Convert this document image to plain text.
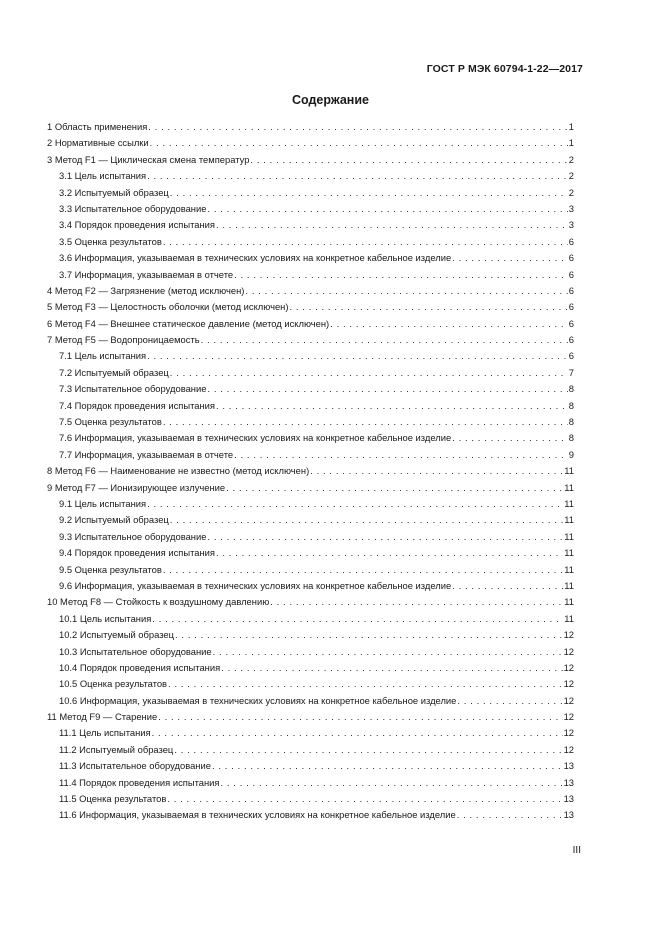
ГОСТ Р МЭК 60794-1-22—2017
Содержание
1 Область применения . . .	1
2 Нормативные ссылки . . .	1
3 Метод F1 — Циклическая смена температур . . .	2
3.1 Цель испытания . . .	2
3.2 Испытуемый образец . . .	2
3.3 Испытательное оборудование . . .	3
3.4 Порядок проведения испытания . . .	3
3.5 Оценка результатов . . .	6
3.6 Информация, указываемая в технических условиях на конкретное кабельное изделие . . .	6
3.7 Информация, указываемая в отчете . . .	6
4 Метод F2 — Загрязнение (метод исключен) . . .	6
5 Метод F3 — Целостность оболочки (метод исключен) . . .	6
6 Метод F4 — Внешнее статическое давление (метод исключен) . . .	6
7 Метод F5 — Водопроницаемость . . .	6
7.1 Цель испытания . . .	6
7.2 Испытуемый образец . . .	7
7.3 Испытательное оборудование . . .	8
7.4 Порядок проведения испытания . . .	8
7.5 Оценка результатов . . .	8
7.6 Информация, указываемая в технических условиях на конкретное кабельное изделие . . .	8
7.7 Информация, указываемая в отчете . . .	9
8 Метод F6 — Наименование не известно (метод исключен) . . .	11
9 Метод F7 — Ионизирующее излучение . . .	11
9.1 Цель испытания . . .	11
9.2 Испытуемый образец . . .	11
9.3 Испытательное оборудование . . .	11
9.4 Порядок проведения испытания . . .	11
9.5 Оценка результатов . . .	11
9.6 Информация, указываемая в технических условиях на конкретное кабельное изделие . . .	11
10 Метод F8 — Стойкость к воздушному давлению . . .	11
10.1 Цель испытания . . .	11
10.2 Испытуемый образец . . .	12
10.3 Испытательное оборудование . . .	12
10.4 Порядок проведения испытания . . .	12
10.5 Оценка результатов . . .	12
10.6 Информация, указываемая в технических условиях на конкретное кабельное изделие . . .	12
11 Метод F9 — Старение . . .	12
11.1 Цель испытания . . .	12
11.2 Испытуемый образец . . .	12
11.3 Испытательное оборудование . . .	13
11.4 Порядок проведения испытания . . .	13
11.5 Оценка результатов . . .	13
11.6 Информация, указываемая в технических условиях на конкретное кабельное изделие . . .	13
III
